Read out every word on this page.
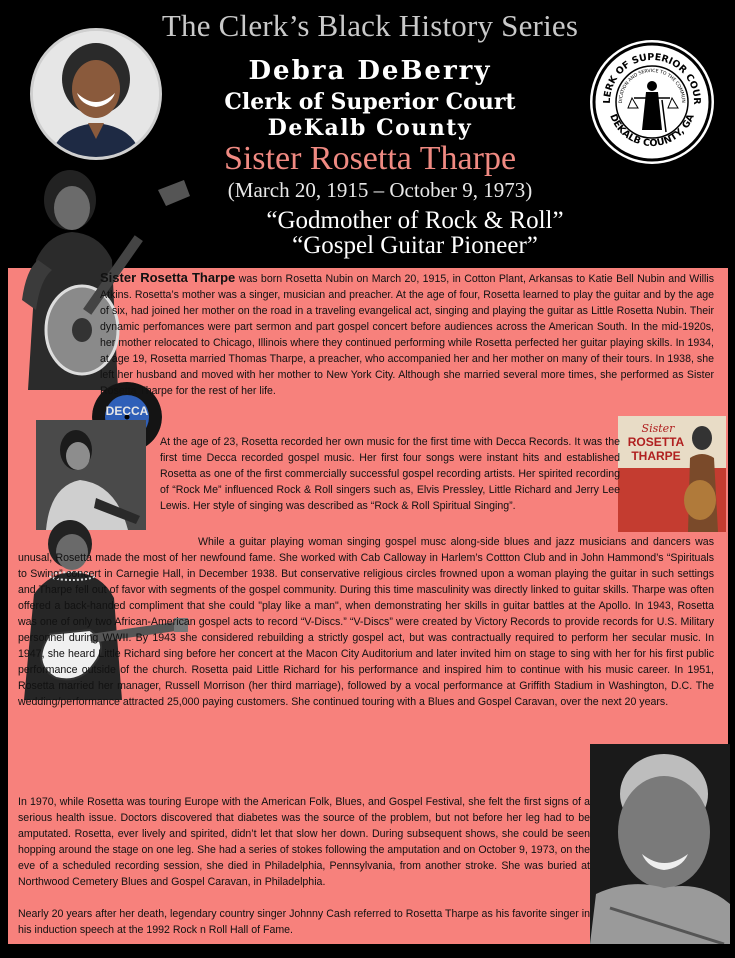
The Clerk’s Black History Series
Debra DeBerry
Clerk of Superior Court
DeKalb County
Sister Rosetta Tharpe
(March 20, 1915 – October 9, 1973)
“Godmother of Rock & Roll”
“Gospel Guitar Pioneer”
LERK OF SUPERIOR COUR
DEKALB COUNTY, GA
DICATION AND SERVICE TO THE COMMUN
DECCA
Sister
ROSETTA
THARPE

Sister Rosetta Tharpe was born Rosetta Nubin on March 20, 1915, in Cotton Plant, Arkansas to Katie Bell Nubin and Willis Atkins. Rosetta’s mother was a singer, musician and preacher. At the age of four, Rosetta learned to play the guitar and by the age of six, had joined her mother on the road in a traveling evangelical act, singing and playing the guitar as Little Rosetta Nubin. Their dynamic perfomances were part sermon and part gospel concert before audiences across the American South. In the mid-1920s, her mother relocated to Chicago, Illinois where they continued performing while Rosetta perfected her guitar playing skills. In 1934, at age 19, Rosetta married Thomas Tharpe, a preacher, who accompanied her and her mother on many of their tours. In 1938, she left her husband and moved with her mother to New York City. Although she married several more times, she performed as Sister Rosetta Tharpe for the rest of her life.

At the age of 23, Rosetta recorded her own music for the first time with Decca Records. It was the first time Decca recorded gospel music. Her first four songs were instant hits and established Rosetta as one of the first commercially successful gospel recording artists. Her spirited recording of “Rock Me” influenced Rock & Roll singers such as, Elvis Pressley, Little Richard and Jerry Lee Lewis. Her style of singing was described as “Rock & Roll Spiritual Singing”.

While a guitar playing woman singing gospel musc along-side blues and jazz musicians and dancers was unusal, Rosetta made the most of her newfound fame. She worked with Cab Calloway in Harlem’s Cottton Club and in John Hammond’s “Spirituals to Swing” concert in Carnegie Hall, in December 1938. But conservative religious circles frowned upon a woman playing the guitar in such settings and Tharpe fell out of favor with segments of the gospel community. During this time masculinity was directly linked to guitar skills. Tharpe was often offered a back-handed compliment that she could "play like a man", when demonstrating her skills in guitar battles at the Apollo. In 1943, Rosetta was one of only two African-American gospel acts to record “V-Discs.” “V-Discs” were created by Victory Records to provide records for U.S. Military personnel during WWII. By 1943 she considered rebuilding a strictly gospel act, but was contractually required to perform her secular music. In 1947, she heard Little Richard sing before her concert at the Macon City Auditorium and later invited him on stage to sing with her for his first public performance outside of the church. Rosetta paid Little Richard for his performance and inspired him to continue with his music career. In 1951, Rosetta married her manager, Russell Morrison (her third marriage), followed by a vocal performance at Griffith Stadium in Washington, D.C. The wedding/performance attracted 25,000 paying customers. She continued touring with a Blues and Gospel Caravan, over the next 20 years.

In 1970, while Rosetta was touring Europe with the American Folk, Blues, and Gospel Festival, she felt the first signs of a serious health issue. Doctors discovered that diabetes was the source of the problem, but not before her leg had to be amputated. Rosetta, ever lively and spirited, didn’t let that slow her down. During subsequent shows, she could be seen hopping around the stage on one leg. She had a series of stokes following the amputation and on October 9, 1973, on the eve of a scheduled recording session, she died in Philadelphia, Pennsylvania, from another stroke. She was buried at Northwood Cemetery Blues and Gospel Caravan, in Philadelphia.

Nearly 20 years after her death, legendary country singer Johnny Cash referred to Rosetta Tharpe as his favorite singer in his induction speech at the 1992 Rock n Roll Hall of Fame.
